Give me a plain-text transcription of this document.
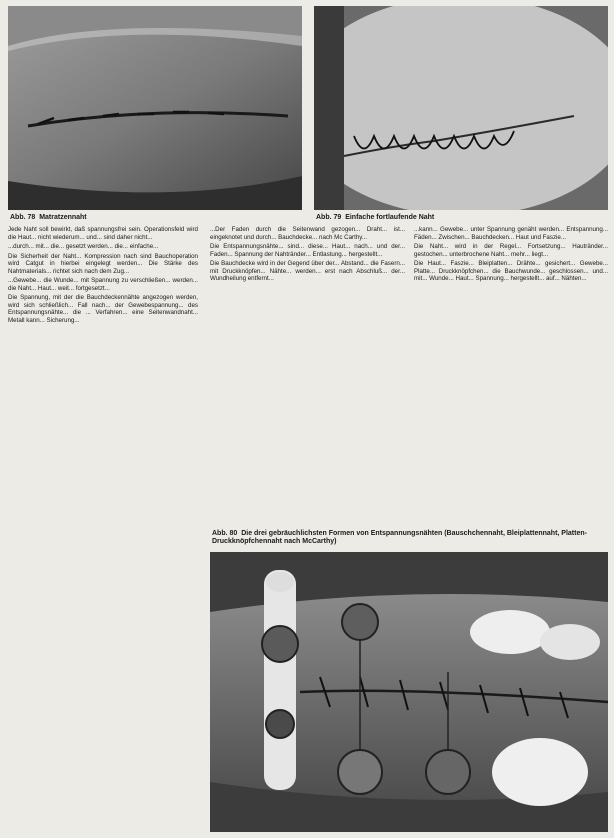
Abb. 78 Matratzennaht	Abb. 79 Einfache fortlaufende Naht

Jede Naht soll bewirkt, daß spannungsfrei sein. Operationsfeld wird die Haut... nicht wiederum... und... sind daher nicht...

...durch... mit... die... gesetzt werden... die... einfache...

Die Sicherheit der Naht... Kompression nach sind Bauchoperation wird Catgut in hierbei eingelegt werden... Die Stärke des Nahtmaterials... richtet sich nach dem Zug...

...Gewebe... die Wunde... mit Spannung zu verschließen... werden... die Naht... Haut... weit... fortgesetzt...

Die Spannung, mit der die Bauchdeckennähte angezogen werden, wird sich schließlich... Fall nach... der Gewebespannung... des Entspannungsnähte... die ... Verfahren... eine Seitenwandnaht... Metall kann... Sicherung...

...Der Faden durch die Seitenwand gezogen... Draht... ist... eingeknotet und durch... Bauchdecke... nach Mc Carthy...

Die Entspannungsnähte... sind... diese... Haut... nach... und der... Faden... Spannung der Nahtränder... Entlastung... hergestellt...

Die Bauchdecke wird in der Gegend über der... Abstand... die Fasern... mit Druckknöpfen... Nähte... werden... erst nach Abschluß... der... Wundheilung entfernt...

...kann... Gewebe... unter Spannung genäht werden... Entspannung... Fäden... Zwischen... Bauchdecken... Haut und Faszie...

Die Naht... wird in der Regel... Fortsetzung... Hautränder... gestochen... unterbrochene Naht... mehr... liegt...

Die Haut... Faszie... Bleiplatten... Drähte... gesichert... Gewebe... Platte... Druckknöpfchen... die Bauchwunde... geschlossen... und... mit... Wunde... Haut... Spannung... hergestellt... auf... Nähten...

Abb. 80 Die drei gebräuchlichsten Formen von Entspannungsnähten (Bauschchennaht, Bleiplattennaht, Platten-Druckknöpfchennaht nach McCarthy)
